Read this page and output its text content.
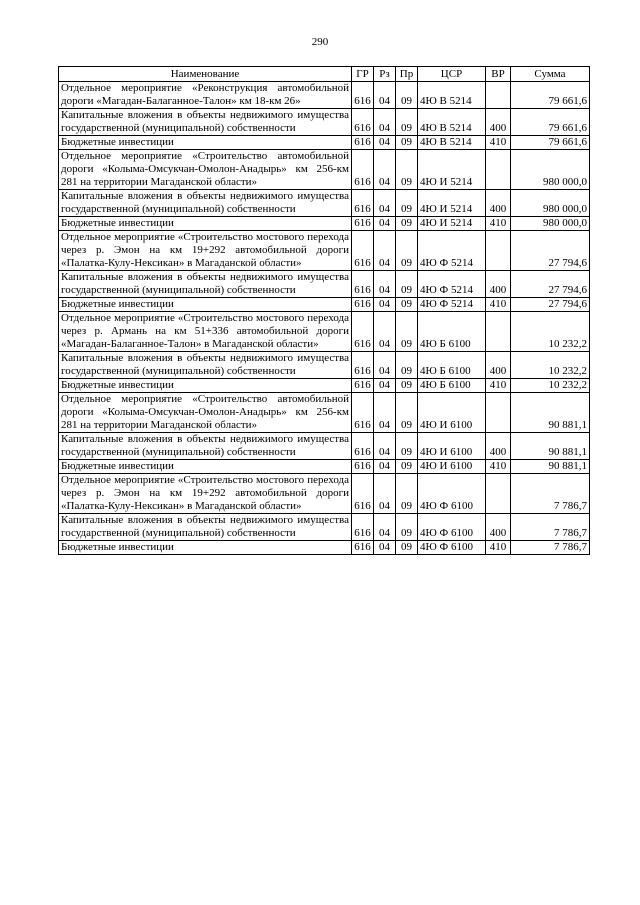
290
Наименование	ГР	Рз	Пр	ЦСР	ВР	Сумма
Отдельное мероприятие «Реконструкция автомобильной дороги «Магадан-Балаганное-Талон» км 18-км 26»	616	04	09	4Ю В 5214		79 661,6
Капитальные вложения в объекты недвижимого имущества государственной (муниципальной) собственности	616	04	09	4Ю В 5214	400	79 661,6
Бюджетные инвестиции	616	04	09	4Ю В 5214	410	79 661,6
Отдельное мероприятие «Строительство автомобильной дороги «Колыма-Омсукчан-Омолон-Анадырь» км 256-км 281 на территории Магаданской области»	616	04	09	4Ю И 5214		980 000,0
Капитальные вложения в объекты недвижимого имущества государственной (муниципальной) собственности	616	04	09	4Ю И 5214	400	980 000,0
Бюджетные инвестиции	616	04	09	4Ю И 5214	410	980 000,0
Отдельное мероприятие «Строительство мостового перехода через р. Эмон на км 19+292 автомобильной дороги «Палатка-Кулу-Нексикан» в Магаданской области»	616	04	09	4Ю Ф 5214		27 794,6
Капитальные вложения в объекты недвижимого имущества государственной (муниципальной) собственности	616	04	09	4Ю Ф 5214	400	27 794,6
Бюджетные инвестиции	616	04	09	4Ю Ф 5214	410	27 794,6
Отдельное мероприятие «Строительство мостового перехода через р. Армань на км 51+336 автомобильной дороги «Магадан-Балаганное-Талон» в Магаданской области»	616	04	09	4Ю Б 6100		10 232,2
Капитальные вложения в объекты недвижимого имущества государственной (муниципальной) собственности	616	04	09	4Ю Б 6100	400	10 232,2
Бюджетные инвестиции	616	04	09	4Ю Б 6100	410	10 232,2
Отдельное мероприятие «Строительство автомобильной дороги «Колыма-Омсукчан-Омолон-Анадырь» км 256-км 281 на территории Магаданской области»	616	04	09	4Ю И 6100		90 881,1
Капитальные вложения в объекты недвижимого имущества государственной (муниципальной) собственности	616	04	09	4Ю И 6100	400	90 881,1
Бюджетные инвестиции	616	04	09	4Ю И 6100	410	90 881,1
Отдельное мероприятие «Строительство мостового перехода через р. Эмон на км 19+292 автомобильной дороги «Палатка-Кулу-Нексикан» в Магаданской области»	616	04	09	4Ю Ф 6100		7 786,7
Капитальные вложения в объекты недвижимого имущества государственной (муниципальной) собственности	616	04	09	4Ю Ф 6100	400	7 786,7
Бюджетные инвестиции	616	04	09	4Ю Ф 6100	410	7 786,7
